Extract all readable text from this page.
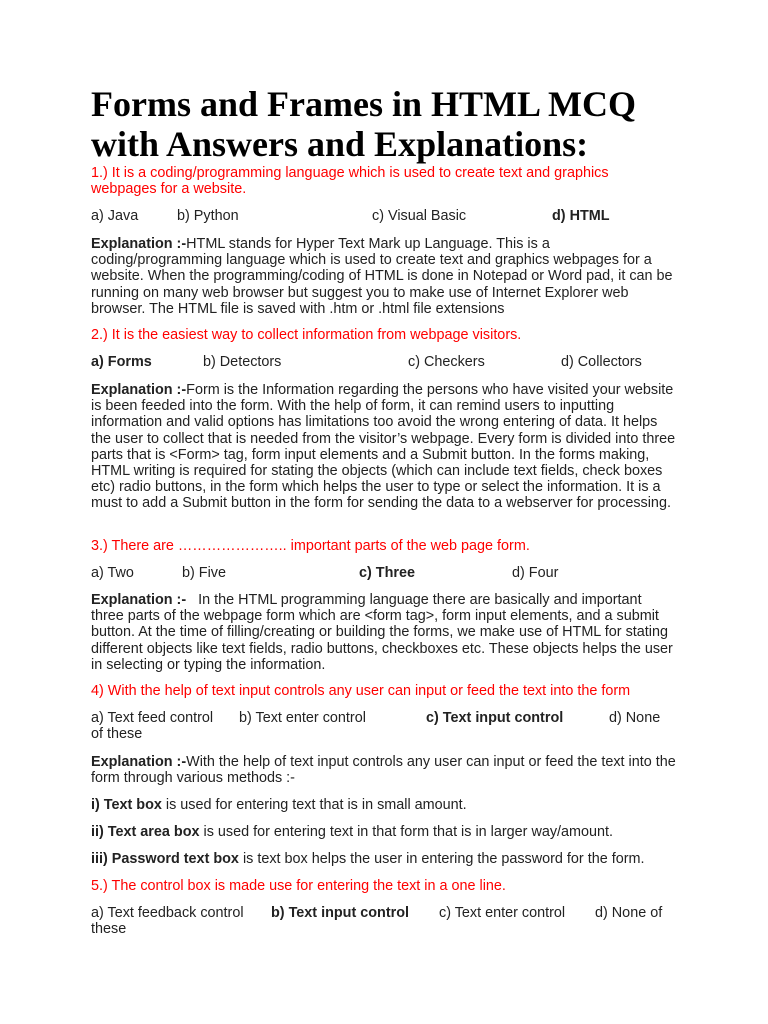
Forms and Frames in HTML MCQ with Answers and Explanations:

1.) It is a coding/programming language which is used to create text and graphics webpages for a website.

a) Java	b) Python	c) Visual Basic	d) HTML

Explanation :-HTML stands for Hyper Text Mark up Language. This is a coding/programming language which is used to create text and graphics webpages for a website. When the programming/coding of HTML is done in Notepad or Word pad, it can be running on many web browser but suggest you to make use of Internet Explorer web browser. The HTML file is saved with .htm or .html file extensions

2.) It is the easiest way to collect information from webpage visitors.

a) Forms	b) Detectors	c) Checkers	d) Collectors

Explanation :-Form is the Information regarding the persons who have visited your website is been feeded into the form. With the help of form, it can remind users to inputting information and valid options has limitations too avoid the wrong entering of data. It helps the user to collect that is needed from the visitor’s webpage. Every form is divided into three parts that is <Form> tag, form input elements and a Submit button. In the forms making, HTML writing is required for stating the objects (which can include text fields, check boxes etc) radio buttons, in the form which helps the user to type or select the information. It is a must to add a Submit button in the form for sending the data to a webserver for processing.

3.) There are ………………….. important parts of the web page form.

a) Two	b) Five	c) Three	d) Four

Explanation :-   In the HTML programming language there are basically and important three parts of the webpage form which are <form tag>, form input elements, and a submit button. At the time of filling/creating or building the forms, we make use of HTML for stating different objects like text fields, radio buttons, checkboxes etc. These objects helps the user in selecting or typing the information.

4) With the help of text input controls any user can input or feed the text into the form

a) Text feed control b) Text enter control	c) Text input control	d) None
of these

Explanation :-With the help of text input controls any user can input or feed the text into the form through various methods :-

i) Text box is used for entering text that is in small amount.

ii) Text area box is used for entering text in that form that is in larger way/amount.

iii) Password text box is text box helps the user in entering the password for the form.

5.) The control box is made use for entering the text in a one line.

a) Text feedback control b) Text input control c) Text enter control d) None of
these
